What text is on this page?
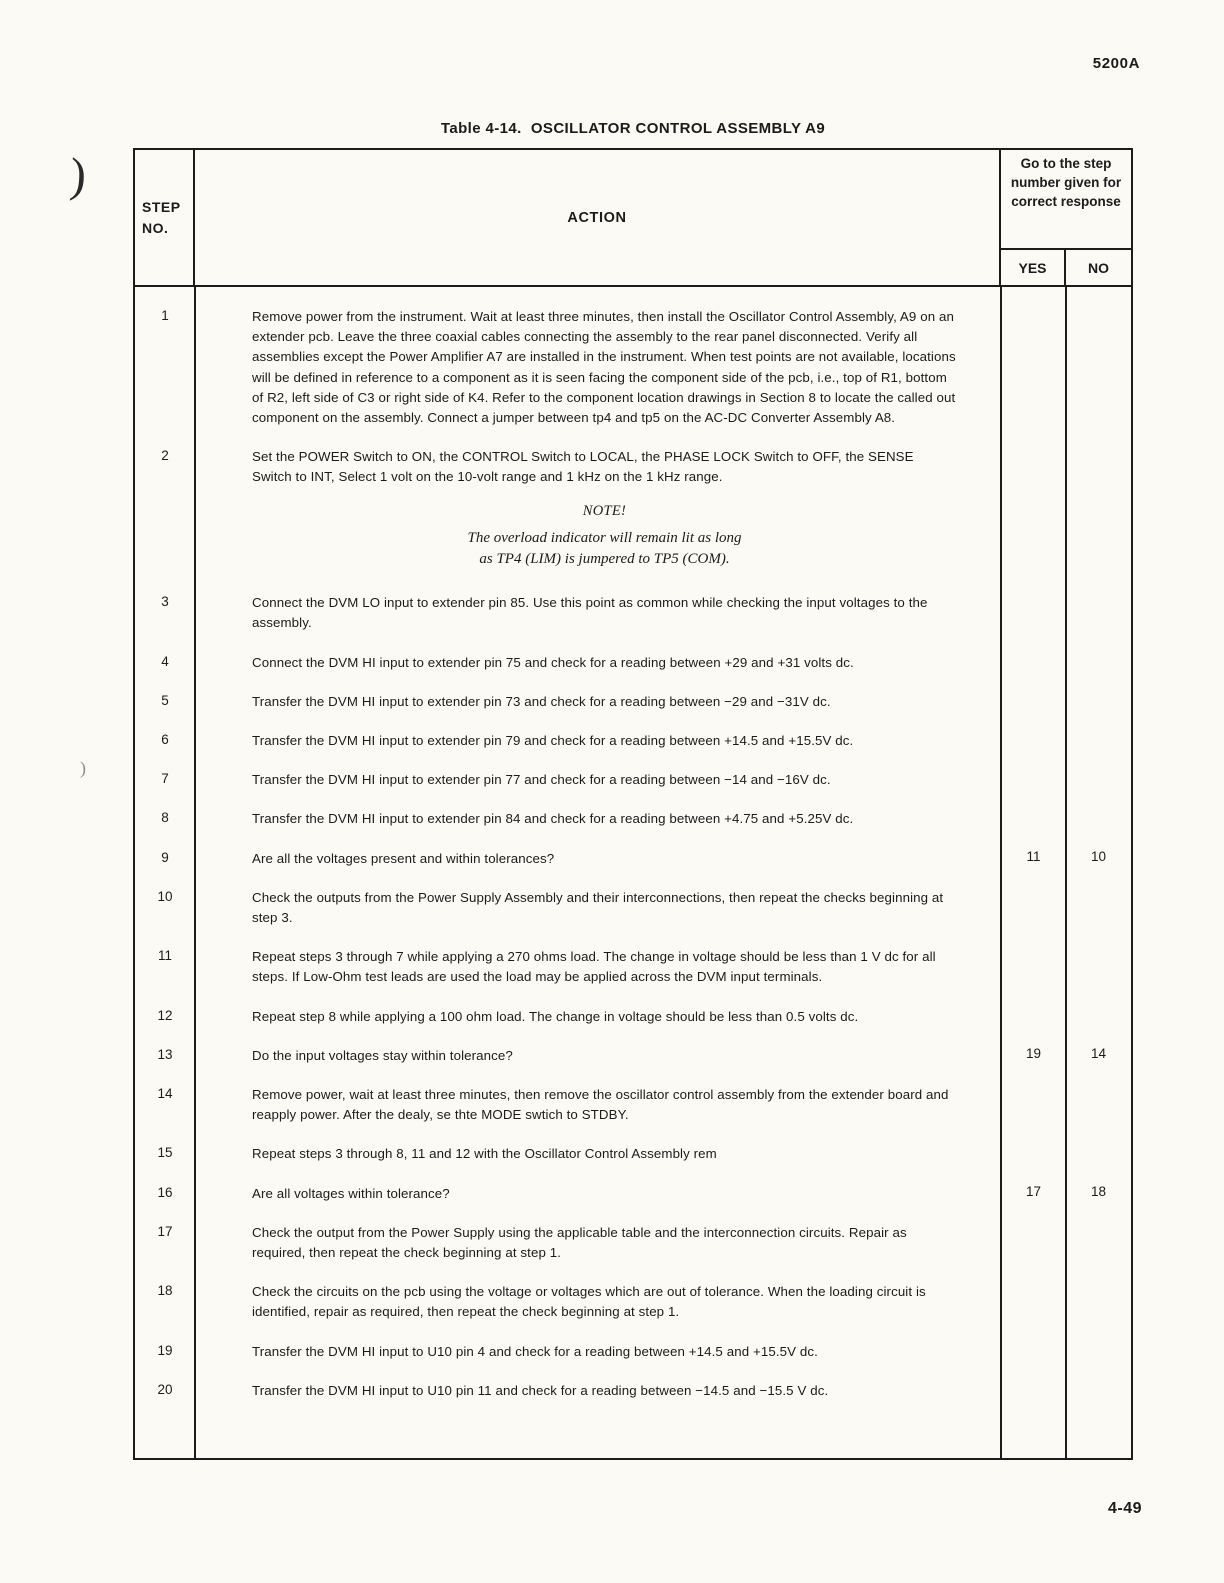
5200A
)
)
Table 4-14.  OSCILLATOR CONTROL ASSEMBLY A9
STEP
NO.
ACTION
Go to the step number given for correct response
YES	NO
1	Remove power from the instrument. Wait at least three minutes, then install the Oscillator Control Assembly, A9 on an extender pcb. Leave the three coaxial cables connecting the assembly to the rear panel disconnected. Verify all assemblies except the Power Amplifier A7 are installed in the instrument. When test points are not available, locations will be defined in reference to a component as it is seen facing the component side of the pcb, i.e., top of R1, bottom of R2, left side of C3 or right side of K4. Refer to the component location drawings in Section 8 to locate the called out component on the assembly. Connect a jumper between tp4 and tp5 on the AC-DC Converter Assembly A8.
2	Set the POWER Switch to ON, the CONTROL Switch to LOCAL, the PHASE LOCK Switch to OFF, the SENSE Switch to INT, Select 1 volt on the 10-volt range and 1 kHz on the 1 kHz range.
NOTE!
The overload indicator will remain lit as long
as TP4 (LIM) is jumpered to TP5 (COM).
3	Connect the DVM LO input to extender pin 85. Use this point as common while checking the input voltages to the assembly.
4	Connect the DVM HI input to extender pin 75 and check for a reading between +29 and +31 volts dc.
5	Transfer the DVM HI input to extender pin 73 and check for a reading between −29 and −31V dc.
6	Transfer the DVM HI input to extender pin 79 and check for a reading between +14.5 and +15.5V dc.
7	Transfer the DVM HI input to extender pin 77 and check for a reading between −14 and −16V dc.
8	Transfer the DVM HI input to extender pin 84 and check for a reading between +4.75 and +5.25V dc.
9	Are all the voltages present and within tolerances?	11	10
10	Check the outputs from the Power Supply Assembly and their interconnections, then repeat the checks beginning at step 3.
11	Repeat steps 3 through 7 while applying a 270 ohms load. The change in voltage should be less than 1 V dc for all steps. If Low-Ohm test leads are used the load may be applied across the DVM input terminals.
12	Repeat step 8 while applying a 100 ohm load. The change in voltage should be less than 0.5 volts dc.
13	Do the input voltages stay within tolerance?	19	14
14	Remove power, wait at least three minutes, then remove the oscillator control assembly from the extender board and reapply power. After the dealy, se thte MODE swtich to STDBY.
15	Repeat steps 3 through 8, 11 and 12 with the Oscillator Control Assembly rem
16	Are all voltages within tolerance?	17	18
17	Check the output from the Power Supply using the applicable table and the interconnection circuits. Repair as required, then repeat the check beginning at step 1.
18	Check the circuits on the pcb using the voltage or voltages which are out of tolerance. When the loading circuit is identified, repair as required, then repeat the check beginning at step 1.
19	Transfer the DVM HI input to U10 pin 4 and check for a reading between +14.5 and +15.5V dc.
20	Transfer the DVM HI input to U10 pin 11 and check for a reading between −14.5 and −15.5 V dc.
4-49
